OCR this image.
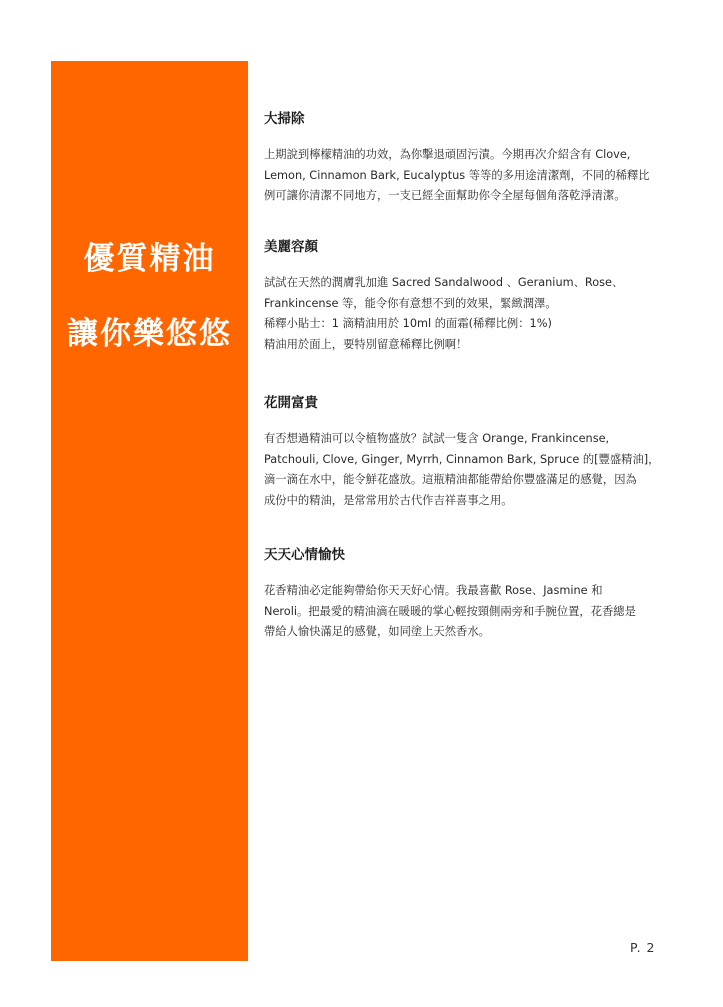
優質精油
讓你樂悠悠
大掃除
上期說到檸檬精油的功效，為你擊退頑固污漬。今期再次介紹含有 Clove,
Lemon, Cinnamon Bark, Eucalyptus 等等的多用途清潔劑，不同的稀釋比
例可讓你清潔不同地方，一支已經全面幫助你令全屋每個角落乾淨清潔。
美麗容顏
試試在天然的潤膚乳加進 Sacred Sandalwood 、Geranium、Rose、
Frankincense 等，能令你有意想不到的效果，緊緻潤澤。
稀釋小貼士：1 滴精油用於 10ml 的面霜(稀釋比例：1%)
精油用於面上，要特別留意稀釋比例啊！
花開富貴
有否想過精油可以令植物盛放？試試一隻含 Orange, Frankincense,
Patchouli, Clove, Ginger, Myrrh, Cinnamon Bark, Spruce 的[豐盛精油]，
滴一滴在水中，能令鮮花盛放。這瓶精油都能帶給你豐盛滿足的感覺，因為
成份中的精油，是常常用於古代作吉祥喜事之用。
天天心情愉快
花香精油必定能夠帶給你天天好心情。我最喜歡 Rose、Jasmine 和
Neroli。把最愛的精油滴在暖暖的掌心輕按頸側兩旁和手腕位置，花香總是
帶給人愉快滿足的感覺，如同塗上天然香水。
P. 2
